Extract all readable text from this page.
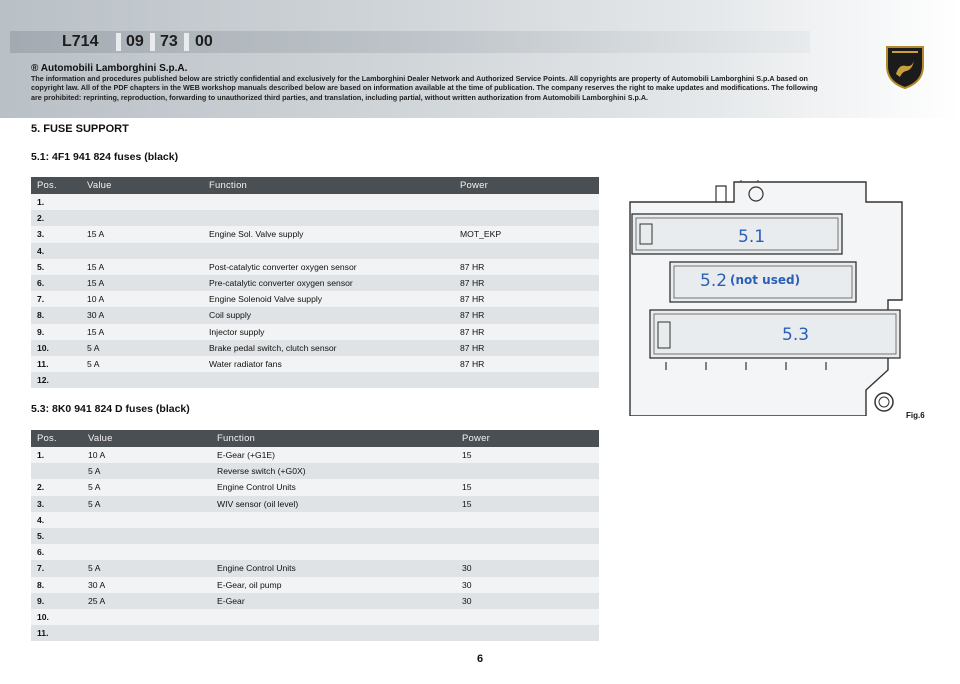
L714 09 73 00
® Automobili Lamborghini S.p.A.
The information and procedures published below are strictly confidential and exclusively for the Lamborghini Dealer Network and Authorized Service Points. All copyrights are property of Automobili Lamborghini S.p.A based on copyright law. All of the PDF chapters in the WEB workshop manuals described below are based on information available at the time of publication. The company reserves the right to make updates and modifications. The following are prohibited: reprinting, reproduction, forwarding to unauthorized third parties, and translation, including partial, without written authorization from Automobili Lamborghini S.p.A.
5. FUSE SUPPORT
5.1: 4F1 941 824 fuses (black)
Pos.	Value	Function	Power
1.			
2.			
3.	15 A	Engine Sol. Valve supply	MOT_EKP
4.			
5.	15 A	Post-catalytic converter oxygen sensor	87 HR
6.	15 A	Pre-catalytic converter oxygen sensor	87 HR
7.	10 A	Engine Solenoid Valve supply	87 HR
8.	30 A	Coil supply	87 HR
9.	15 A	Injector supply	87 HR
10.	5 A	Brake pedal switch, clutch sensor	87 HR
11.	5 A	Water radiator fans	87 HR
12.			
5.3: 8K0 941 824 D fuses (black)
Pos.	Value	Function	Power
1.	10 A	E-Gear (+G1E)	15
	5 A	Reverse switch (+G0X)	
2.	5 A	Engine Control Units	15
3.	5 A	WIV sensor (oil level)	15
4.			
5.			
6.			
7.	5 A	Engine Control Units	30
8.	30 A	E-Gear, oil pump	30
9.	25 A	E-Gear	30
10.			
11.			
5.1
5.2 (not used)
5.3
Fig.6
6
